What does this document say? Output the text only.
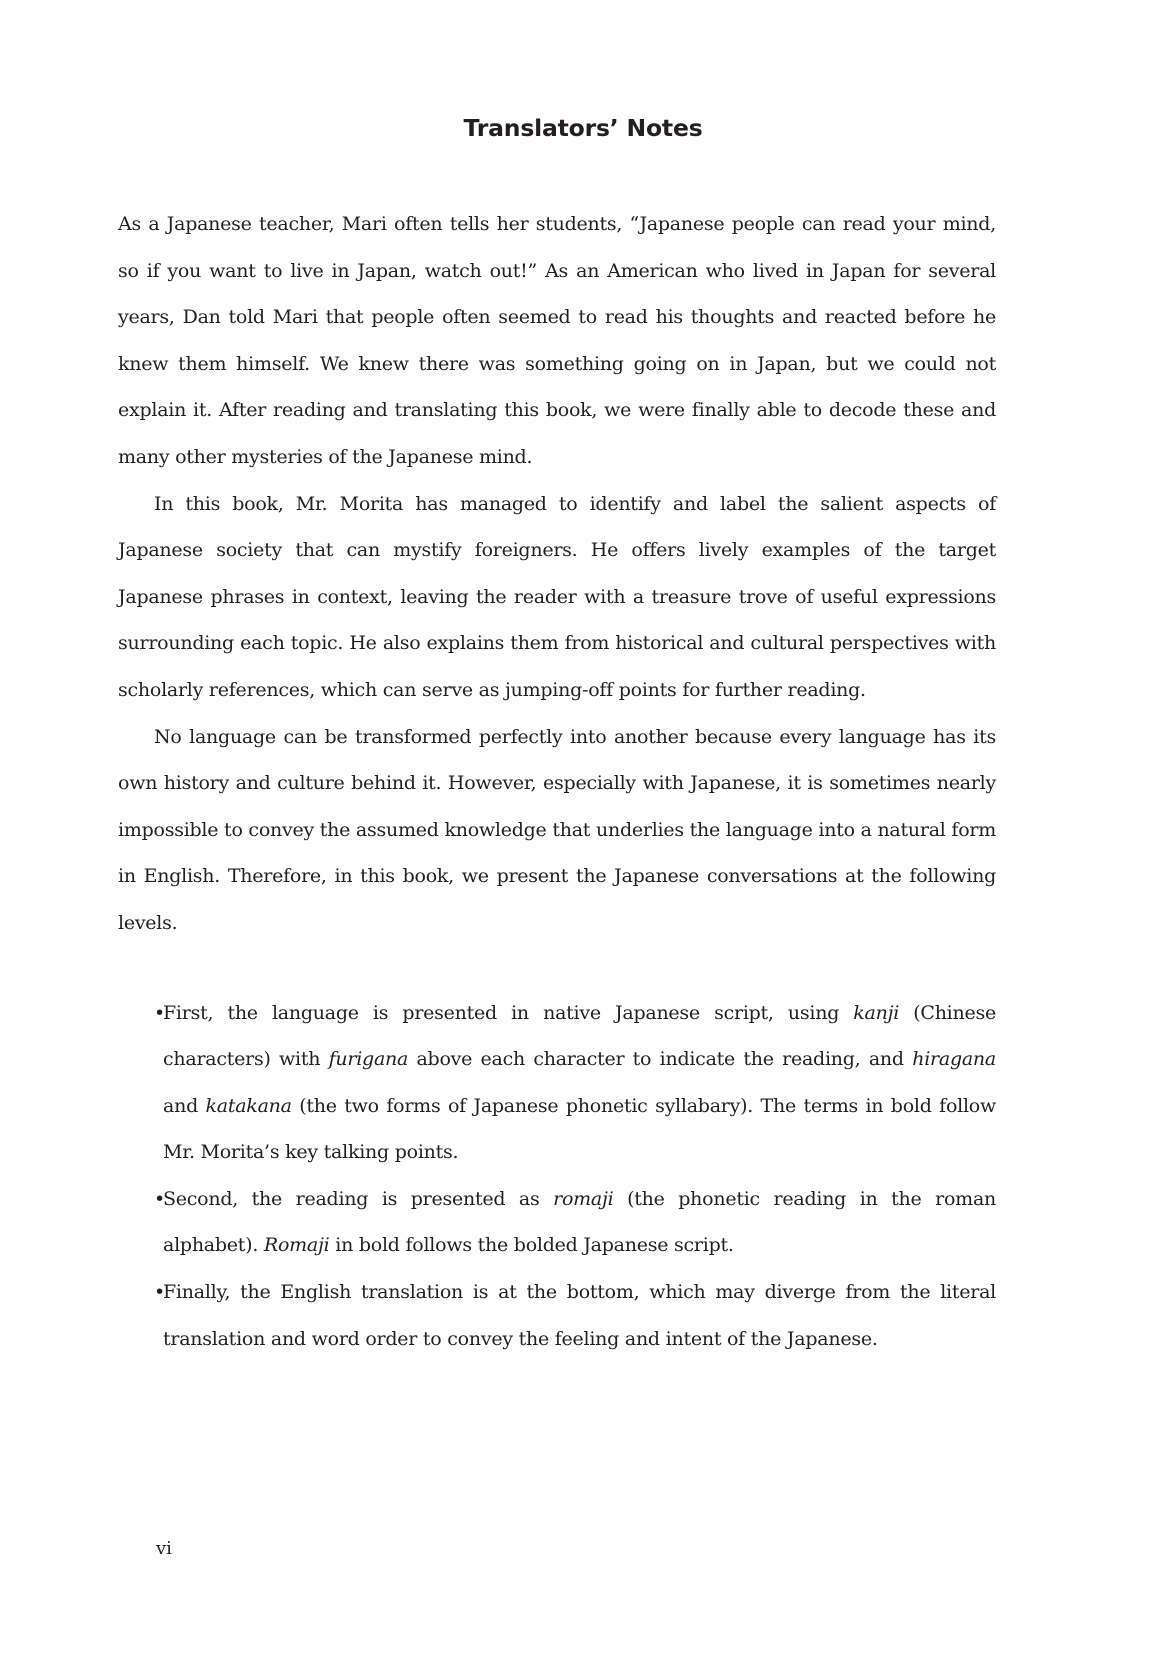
Translators’ Notes

As a Japanese teacher, Mari often tells her students, “Japanese people can read your mind, so if you want to live in Japan, watch out!” As an American who lived in Japan for several years, Dan told Mari that people often seemed to read his thoughts and reacted before he knew them himself. We knew there was something going on in Japan, but we could not explain it. After reading and translating this book, we were finally able to decode these and many other mysteries of the Japanese mind.

In this book, Mr. Morita has managed to identify and label the salient aspects of Japanese society that can mystify foreigners. He offers lively examples of the target Japanese phrases in context, leaving the reader with a treasure trove of useful expressions surrounding each topic. He also explains them from historical and cultural perspectives with scholarly references, which can serve as jumping-off points for further reading.

No language can be transformed perfectly into another because every language has its own history and culture behind it. However, especially with Japanese, it is sometimes nearly impossible to convey the assumed knowledge that underlies the language into a natural form in English. Therefore, in this book, we present the Japanese conversations at the following levels.

•
First, the language is presented in native Japanese script, using kanji (Chinese characters) with furigana above each character to indicate the reading, and hiragana and katakana (the two forms of Japanese phonetic syllabary). The terms in bold follow Mr. Morita’s key talking points.
•
Second, the reading is presented as romaji (the phonetic reading in the roman alphabet). Romaji in bold follows the bolded Japanese script.
•
Finally, the English translation is at the bottom, which may diverge from the literal translation and word order to convey the feeling and intent of the Japanese.

vi
